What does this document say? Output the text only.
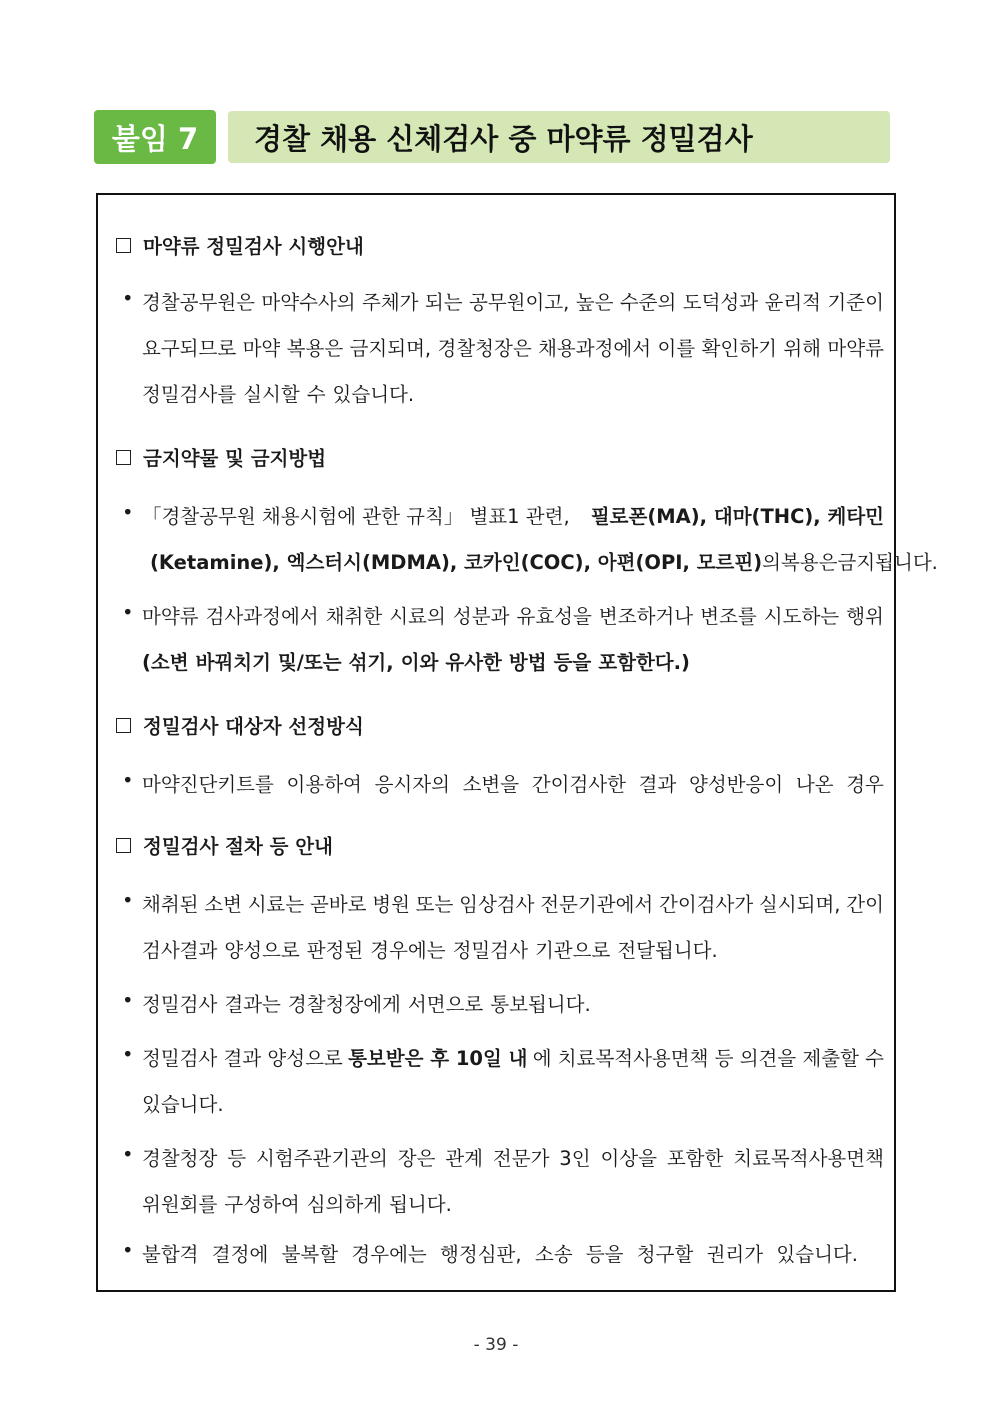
붙임 7	경찰 채용 신체검사 중 마약류 정밀검사
마약류 정밀검사 시행안내
• 경찰공무원은 마약수사의 주체가 되는 공무원이고, 높은 수준의 도덕성과 윤리적 기준이
요구되므로 마약 복용은 금지되며, 경찰청장은 채용과정에서 이를 확인하기 위해 마약류
정밀검사를 실시할 수 있습니다.
금지약물 및 금지방법
• 「경찰공무원 채용시험에 관한 규칙」 별표1 관련, 필로폰(MA), 대마(THC), 케타민
(Ketamine), 엑스터시(MDMA), 코카인(COC), 아편(OPI, 모르핀) 의 복용은 금지됩니다.
• 마약류 검사과정에서 채취한 시료의 성분과 유효성을 변조하거나 변조를 시도하는 행위
(소변 바꿔치기 및/또는 섞기, 이와 유사한 방법 등을 포함한다.)
정밀검사 대상자 선정방식
• 마약진단키트를 이용하여 응시자의 소변을 간이검사한 결과 양성반응이 나온 경우
정밀검사 절차 등 안내
• 채취된 소변 시료는 곧바로 병원 또는 임상검사 전문기관에서 간이검사가 실시되며, 간이
검사결과 양성으로 판정된 경우에는 정밀검사 기관으로 전달됩니다.
• 정밀검사 결과는 경찰청장에게 서면으로 통보됩니다.
• 정밀검사 결과 양성으로 통보받은 후 10일 내 에 치료목적사용면책 등 의견을 제출할 수
있습니다.
• 경찰청장 등 시험주관기관의 장은 관계 전문가 3인 이상을 포함한 치료목적사용면책
위원회를 구성하여 심의하게 됩니다.
• 불합격 결정에 불복할 경우에는 행정심판, 소송 등을 청구할 권리가 있습니다.
- 39 -
